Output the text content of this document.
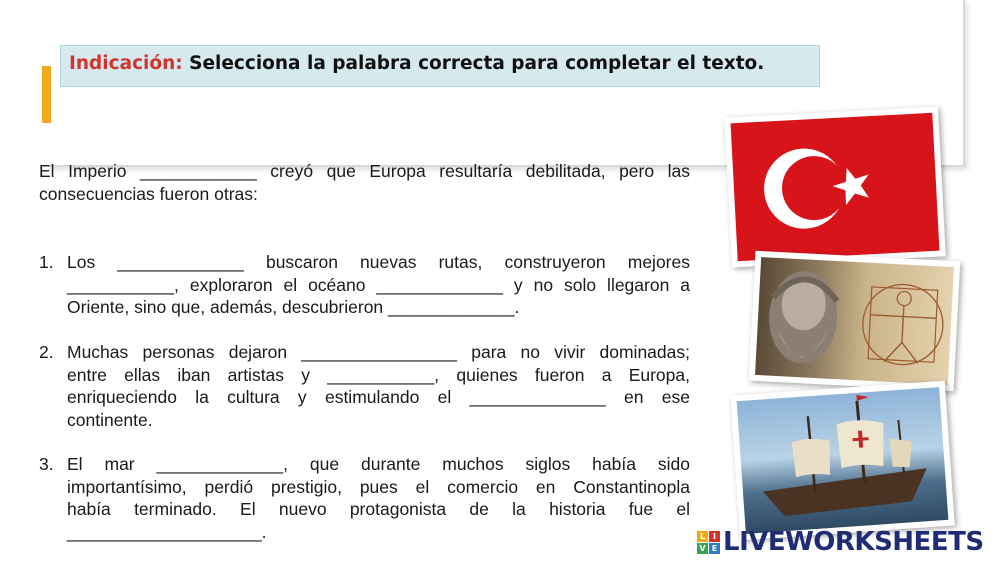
Indicación: Selecciona la palabra correcta para completar el texto.
El Imperio ____________ creyó que Europa resultaría debilitada, pero las
consecuencias fueron otras:
1. Los _____________ buscaron nuevas rutas, construyeron mejores
___________, exploraron el océano _____________ y no solo llegaron a
Oriente, sino que, además, descubrieron _____________.
2. Muchas personas dejaron ________________ para no vivir dominadas;
entre ellas iban artistas y ___________, quienes fueron a Europa,
enriqueciendo la cultura y estimulando el ______________ en ese
continente.
3. El mar _____________, que durante muchos siglos había sido
importantísimo, perdió prestigio, pues el comercio en Constantinopla
había terminado. El nuevo protagonista de la historia fue el
____________________.	L I
V E LIVEWORKSHEETS
